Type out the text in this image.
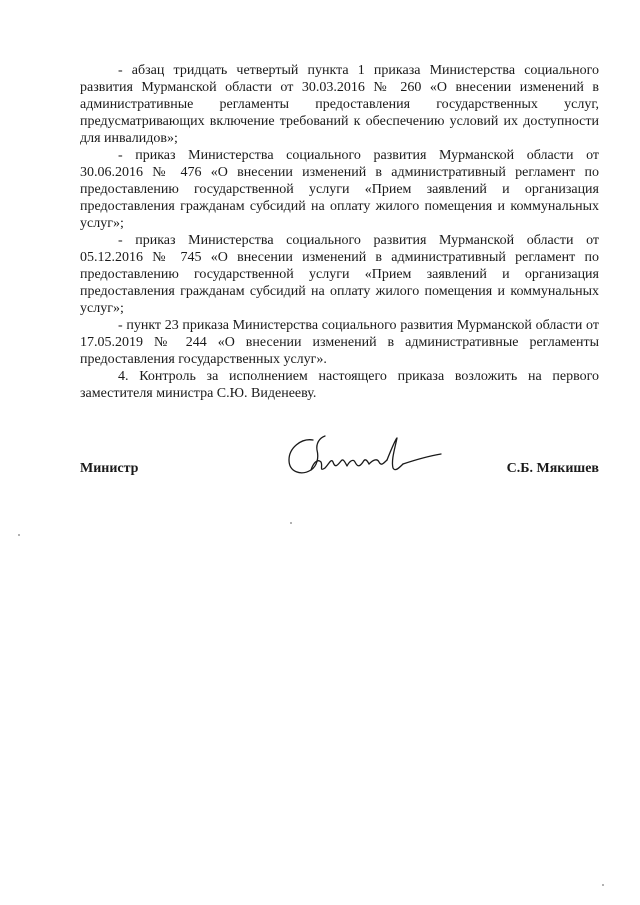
- абзац тридцать четвертый пункта 1 приказа Министерства социального развития Мурманской области от 30.03.2016 № 260 «О внесении изменений в административные регламенты предоставления государственных услуг, предусматривающих включение требований к обеспечению условий их доступности для инвалидов»;

- приказ Министерства социального развития Мурманской области от 30.06.2016 № 476 «О внесении изменений в административный регламент по предоставлению государственной услуги «Прием заявлений и организация предоставления гражданам субсидий на оплату жилого помещения и коммунальных услуг»;

- приказ Министерства социального развития Мурманской области от 05.12.2016 № 745 «О внесении изменений в административный регламент по предоставлению государственной услуги «Прием заявлений и организация предоставления гражданам субсидий на оплату жилого помещения и коммунальных услуг»;

- пункт 23 приказа Министерства социального развития Мурманской области от 17.05.2019 № 244 «О внесении изменений в административные регламенты предоставления государственных услуг».

4. Контроль за исполнением настоящего приказа возложить на первого заместителя министра С.Ю. Виденееву.

Министр	С.Б. Мякишев
